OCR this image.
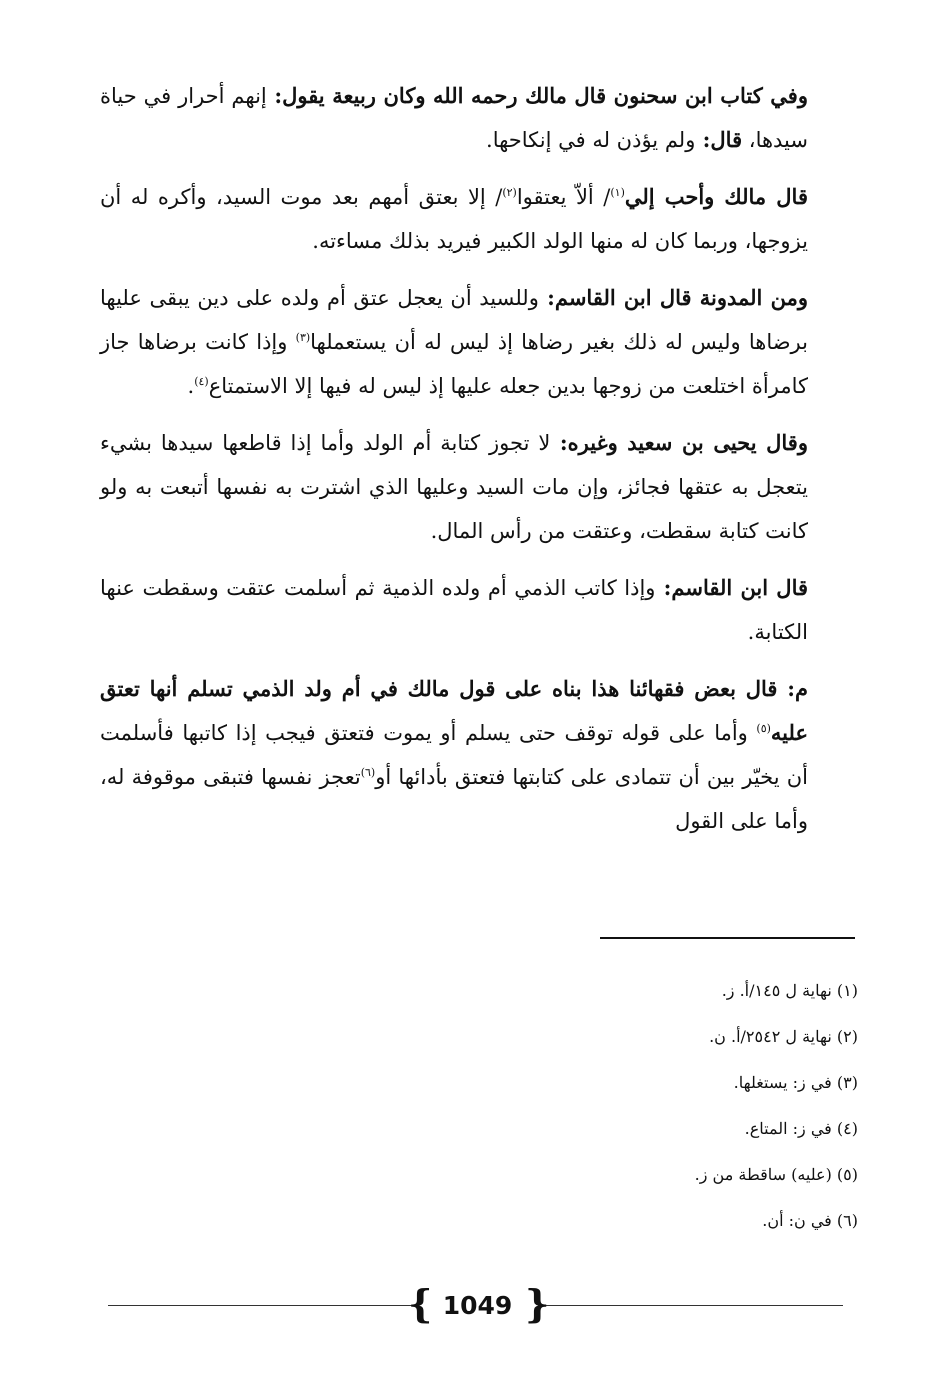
وفي كتاب ابن سحنون قال مالك رحمه الله وكان ربيعة يقول: إنهم أحرار في حياة سيدها، قال: ولم يؤذن له في إنكاحها.

قال مالك وأحب إلي$^{(١)}$/ ألاّ يعتقوا$^{(٢)}$/ إلا بعتق أمهم بعد موت السيد، وأكره له أن يزوجها، وربما كان له منها الولد الكبير فيريد بذلك مساءته.

ومن المدونة قال ابن القاسم: وللسيد أن يعجل عتق أم ولده على دين يبقى عليها برضاها وليس له ذلك بغير رضاها إذ ليس له أن يستعملها$^{(٣)}$ وإذا كانت برضاها جاز كامرأة اختلعت من زوجها بدين جعله عليها إذ ليس له فيها إلا الاستمتاع$^{(٤)}$.

وقال يحيى بن سعيد وغيره: لا تجوز كتابة أم الولد وأما إذا قاطعها سيدها بشيء يتعجل به عتقها فجائز، وإن مات السيد وعليها الذي اشترت به نفسها أتبعت به ولو كانت كتابة سقطت، وعتقت من رأس المال.

قال ابن القاسم: وإذا كاتب الذمي أم ولده الذمية ثم أسلمت عتقت وسقطت عنها الكتابة.

م: قال بعض فقهائنا هذا بناه على قول مالك في أم ولد الذمي تسلم أنها تعتق عليه$^{(٥)}$ وأما على قوله توقف حتى يسلم أو يموت فتعتق فيجب إذا كاتبها فأسلمت أن يخيّر بين أن تتمادى على كتابتها فتعتق بأدائها أو$^{(٦)}$تعجز نفسها فتبقى موقوفة له، وأما على القول

(١) نهاية ل ١٤٥/أ. ز.
(٢) نهاية ل ٢٥٤٢/أ. ن.
(٣) في ز: يستغلها.
(٤) في ز: المتاع.
(٥) (عليه) ساقطة من ز.
(٦) في ن: أن.
{ 1049 }
